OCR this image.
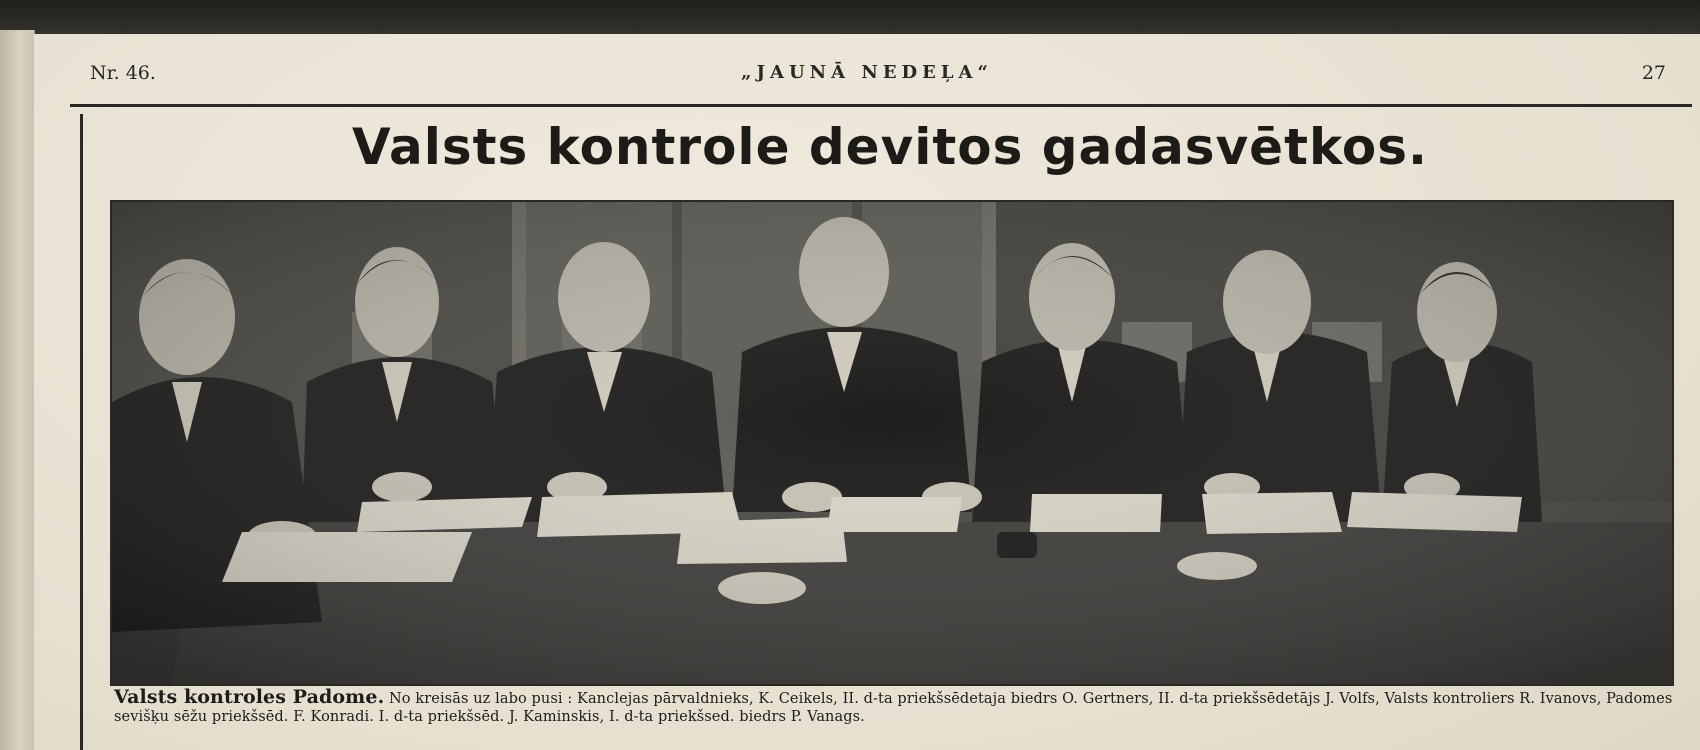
Nr. 46.	„JAUNĀ NEDEĻA“	27
Valsts kontrole devitos gadasvētkos.
Valsts kontroles Padome. No kreisās uz labo pusi : Kanclejas pārvaldnieks, K. Ceikels, II. d-ta priekšsēdetaja biedrs O. Gertners, II. d-ta priekšsēdetājs J. Volfs, Valsts kontroliers R. Ivanovs, Padomes sevišķu sēžu priekšsēd. F. Konradi. I. d-ta priekšsēd. J. Kaminskis, I. d-ta priekšsed. biedrs P. Vanags.
